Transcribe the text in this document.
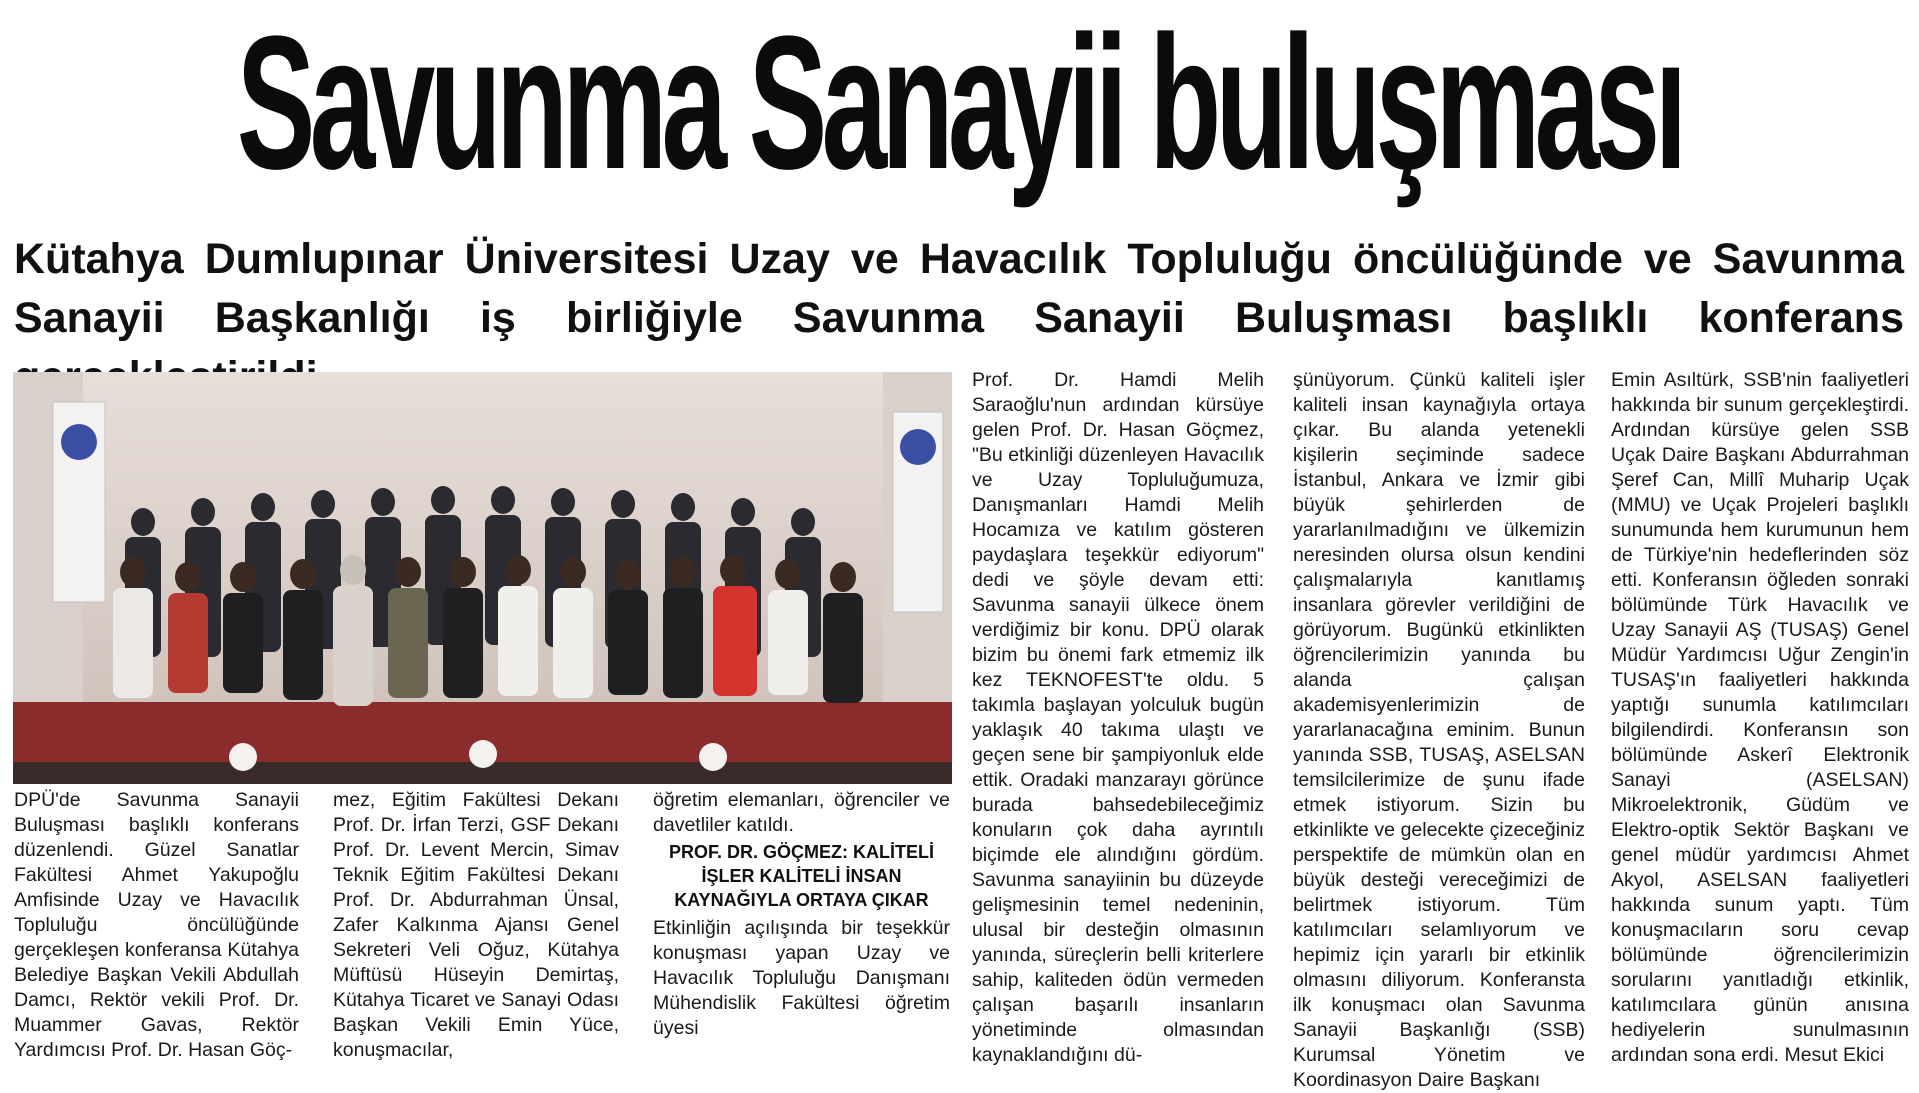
Savunma Sanayii buluşması
Kütahya Dumlupınar Üniversitesi Uzay ve Havacılık Topluluğu öncülüğünde ve Savunma Sanayii Başkanlığı iş birliğiyle Savunma Sanayii Buluşması başlıklı konferans

DPÜ'de Savunma Sanayii Buluşması başlıklı konferans düzenlendi. Güzel Sanatlar Fakültesi Ahmet Yakupoğlu Amfisinde Uzay ve Havacılık Topluluğu öncülüğünde gerçekleşen konferansa Kütahya Belediye Başkan Vekili Abdullah Damcı, Rektör vekili Prof. Dr. Muammer Gavas, Rektör Yardımcısı Prof. Dr. Hasan Göç-

mez, Eğitim Fakültesi Dekanı Prof. Dr. İrfan Terzi, GSF Dekanı Prof. Dr. Levent Mercin, Simav Teknik Eğitim Fakültesi Dekanı Prof. Dr. Abdurrahman Ünsal, Zafer Kalkınma Ajansı Genel Sekreteri Veli Oğuz, Kütahya Müftüsü Hüseyin Demirtaş, Kütahya Ticaret ve Sanayi Odası Başkan Vekili Emin Yüce, konuşmacılar,

öğretim elemanları, öğrenciler ve davetliler katıldı.

PROF. DR. GÖÇMEZ: KALİTELİ İŞLER KALİTELİ İNSAN KAYNAĞIYLA ORTAYA ÇIKAR

Etkinliğin açılışında bir teşekkür konuşması yapan Uzay ve Havacılık Topluluğu Danışmanı Mühendislik Fakültesi öğretim üyesi

Prof. Dr. Hamdi Melih Saraoğlu'nun ardından kürsüye gelen Prof. Dr. Hasan Göçmez, "Bu etkinliği düzenleyen Havacılık ve Uzay Topluluğumuza, Danışmanları Hamdi Melih Hocamıza ve katılım gösteren paydaşlara teşekkür ediyorum" dedi ve şöyle devam etti: Savunma sanayii ülkece önem verdiğimiz bir konu. DPÜ olarak bizim bu önemi fark etmemiz ilk kez TEKNOFEST'te oldu. 5 takımla başlayan yolculuk bugün yaklaşık 40 takıma ulaştı ve geçen sene bir şampiyonluk elde ettik. Oradaki manzarayı görünce burada bahsedebileceğimiz konuların çok daha ayrıntılı biçimde ele alındığını gördüm. Savunma sanayiinin bu düzeyde gelişmesinin temel nedeninin, ulusal bir desteğin olmasının yanında, süreçlerin belli kriterlere sahip, kaliteden ödün vermeden çalışan başarılı insanların yönetiminde olmasından kaynaklandığını dü-

şünüyorum. Çünkü kaliteli işler kaliteli insan kaynağıyla ortaya çıkar. Bu alanda yetenekli kişilerin seçiminde sadece İstanbul, Ankara ve İzmir gibi büyük şehirlerden de yararlanılmadığını ve ülkemizin neresinden olursa olsun kendini çalışmalarıyla kanıtlamış insanlara görevler verildiğini de görüyorum. Bugünkü etkinlikten öğrencilerimizin yanında bu alanda çalışan akademisyenlerimizin de yararlanacağına eminim. Bunun yanında SSB, TUSAŞ, ASELSAN temsilcilerimize de şunu ifade etmek istiyorum. Sizin bu etkinlikte ve gelecekte çizeceğiniz perspektife de mümkün olan en büyük desteği vereceğimizi de belirtmek istiyorum. Tüm katılımcıları selamlıyorum ve hepimiz için yararlı bir etkinlik olmasını diliyorum. Konferansta ilk konuşmacı olan Savunma Sanayii Başkanlığı (SSB) Kurumsal Yönetim ve Koordinasyon Daire Başkanı

Emin Asıltürk, SSB'nin faaliyetleri hakkında bir sunum gerçekleştirdi. Ardından kürsüye gelen SSB Uçak Daire Başkanı Abdurrahman Şeref Can, Millî Muharip Uçak (MMU) ve Uçak Projeleri başlıklı sunumunda hem kurumunun hem de Türkiye'nin hedeflerinden söz etti. Konferansın öğleden sonraki bölümünde Türk Havacılık ve Uzay Sanayii AŞ (TUSAŞ) Genel Müdür Yardımcısı Uğur Zengin'in TUSAŞ'ın faaliyetleri hakkında yaptığı sunumla katılımcıları bilgilendirdi. Konferansın son bölümünde Askerî Elektronik Sanayi (ASELSAN) Mikroelektronik, Güdüm ve Elektro-optik Sektör Başkanı ve genel müdür yardımcısı Ahmet Akyol, ASELSAN faaliyetleri hakkında sunum yaptı. Tüm konuşmacıların soru cevap bölümünde öğrencilerimizin sorularını yanıtladığı etkinlik, katılımcılara günün anısına hediyelerin sunulmasının ardından sona erdi. Mesut Ekici
